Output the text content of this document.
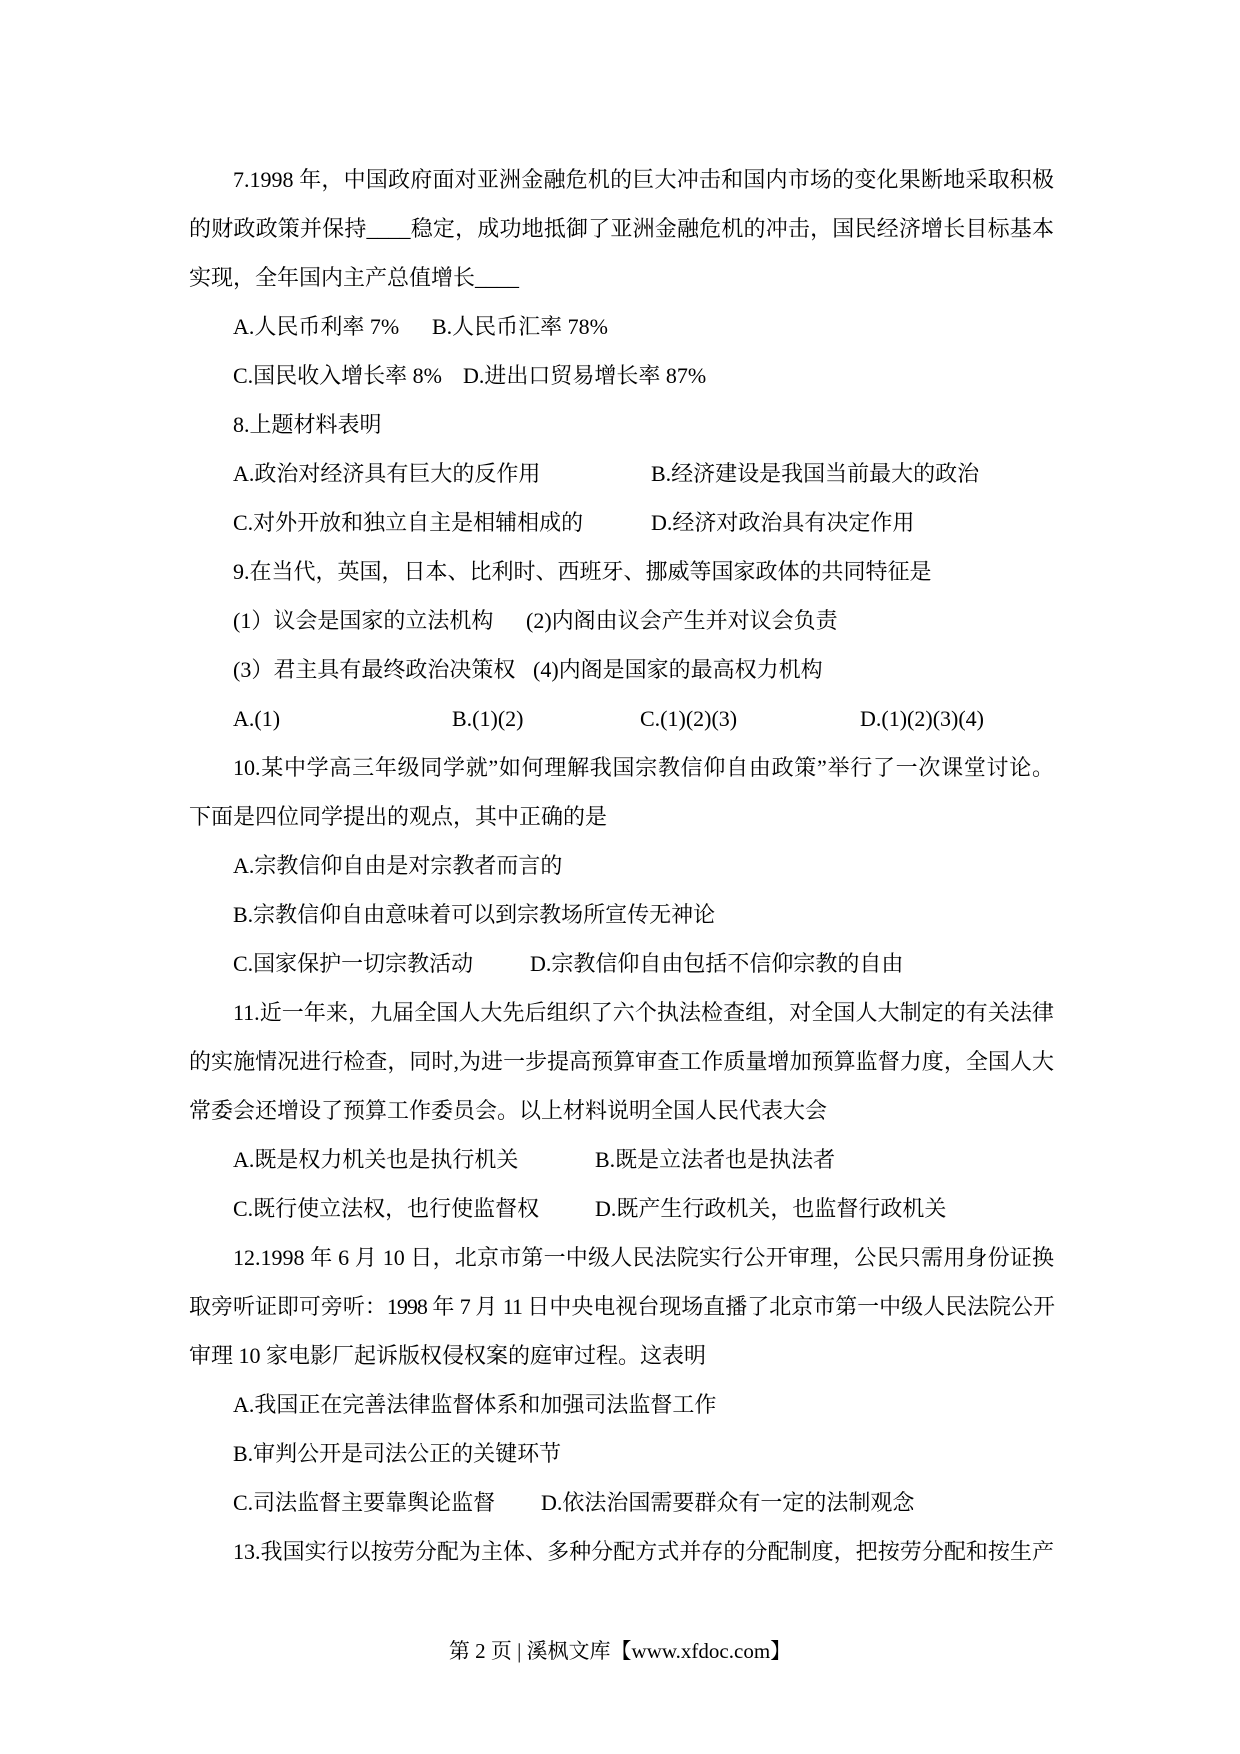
7.1998 年，中国政府面对亚洲金融危机的巨大冲击和国内市场的变化果断地采取积极
的财政政策并保持____稳定，成功地抵御了亚洲金融危机的冲击，国民经济增长目标基本
实现，全年国内主产总值增长____
A.人民币利率 7% B.人民币汇率 78%
C.国民收入增长率 8% D.进出口贸易增长率 87%
8.上题材料表明
A.政治对经济具有巨大的反作用	B.经济建设是我国当前最大的政治
C.对外开放和独立自主是相辅相成的	D.经济对政治具有决定作用
9.在当代，英国，日本、比利时、西班牙、挪威等国家政体的共同特征是
(1）议会是国家的立法机构 (2)内阁由议会产生并对议会负责
(3）君主具有最终政治决策权 (4)内阁是国家的最高权力机构
A.(1)	B.(1)(2)	C.(1)(2)(3)	D.(1)(2)(3)(4)
10.某中学高三年级同学就”如何理解我国宗教信仰自由政策”举行了一次课堂讨论。
下面是四位同学提出的观点，其中正确的是
A.宗教信仰自由是对宗教者而言的
B.宗教信仰自由意味着可以到宗教场所宣传无神论
C.国家保护一切宗教活动	D.宗教信仰自由包括不信仰宗教的自由
11.近一年来，九届全国人大先后组织了六个执法检查组，对全国人大制定的有关法律
的实施情况进行检查，同时,为进一步提高预算审查工作质量增加预算监督力度，全国人大
常委会还增设了预算工作委员会。以上材料说明全国人民代表大会
A.既是权力机关也是执行机关	B.既是立法者也是执法者
C.既行使立法权，也行使监督权	D.既产生行政机关，也监督行政机关
12.1998 年 6 月 10 日，北京市第一中级人民法院实行公开审理，公民只需用身份证换
取旁听证即可旁听：1998 年 7 月 11 日中央电视台现场直播了北京市第一中级人民法院公开
审理 10 家电影厂起诉版权侵权案的庭审过程。这表明
A.我国正在完善法律监督体系和加强司法监督工作
B.审判公开是司法公正的关键环节
C.司法监督主要靠舆论监督 D.依法治国需要群众有一定的法制观念
13.我国实行以按劳分配为主体、多种分配方式并存的分配制度，把按劳分配和按生产
第 2 页 | 溪枫文库【www.xfdoc.com】
